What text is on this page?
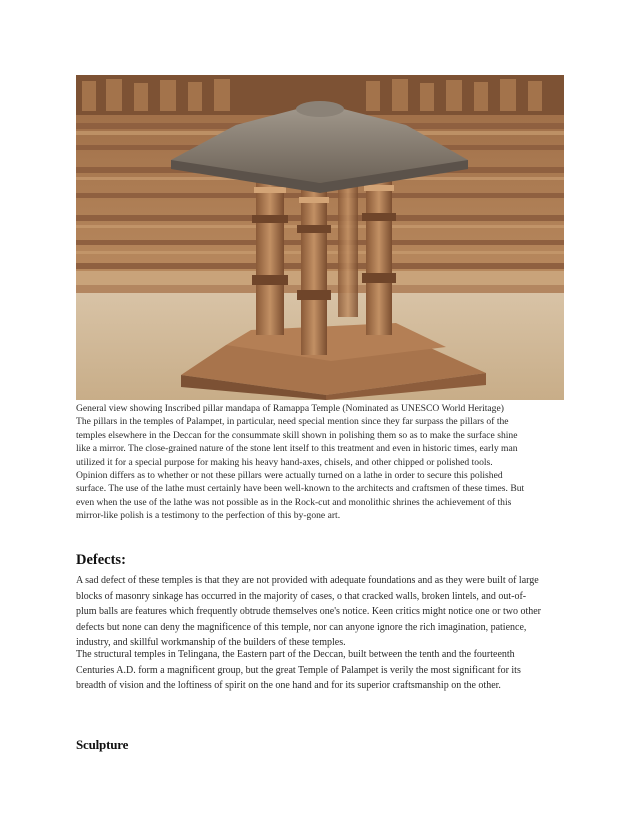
General view showing Inscribed pillar mandapa of Ramappa Temple (Nominated as UNESCO World Heritage)
The pillars in the temples of Palampet, in particular, need special mention since they far surpass the pillars of the
temples elsewhere in the Deccan for the consummate skill shown in polishing them so as to make the surface shine
like a mirror. The close-grained nature of the stone lent itself to this treatment and even in historic times, early man
utilized it for a special purpose for making his heavy hand-axes, chisels, and other chipped or polished tools.
Opinion differs as to whether or not these pillars were actually turned on a lathe in order to secure this polished
surface. The use of the lathe must certainly have been well-known to the architects and craftsmen of these times. But
even when the use of the lathe was not possible as in the Rock-cut and monolithic shrines the achievement of this
mirror-like polish is a testimony to the perfection of this by-gone art.

Defects:

A sad defect of these temples is that they are not provided with adequate foundations and as they were built of large
blocks of masonry sinkage has occurred in the majority of cases, o that cracked walls, broken lintels, and out-of-
plum balls are features which frequently obtrude themselves one's notice. Keen critics might notice one or two other
defects but none can deny the magnificence of this temple, nor can anyone ignore the rich imagination, patience,
industry, and skillful workmanship of the builders of these temples.

The structural temples in Telingana, the Eastern part of the Deccan, built between the tenth and the fourteenth
Centuries A.D. form a magnificent group, but the great Temple of Palampet is verily the most significant for its
breadth of vision and the loftiness of spirit on the one hand and for its superior craftsmanship on the other.

Sculpture
